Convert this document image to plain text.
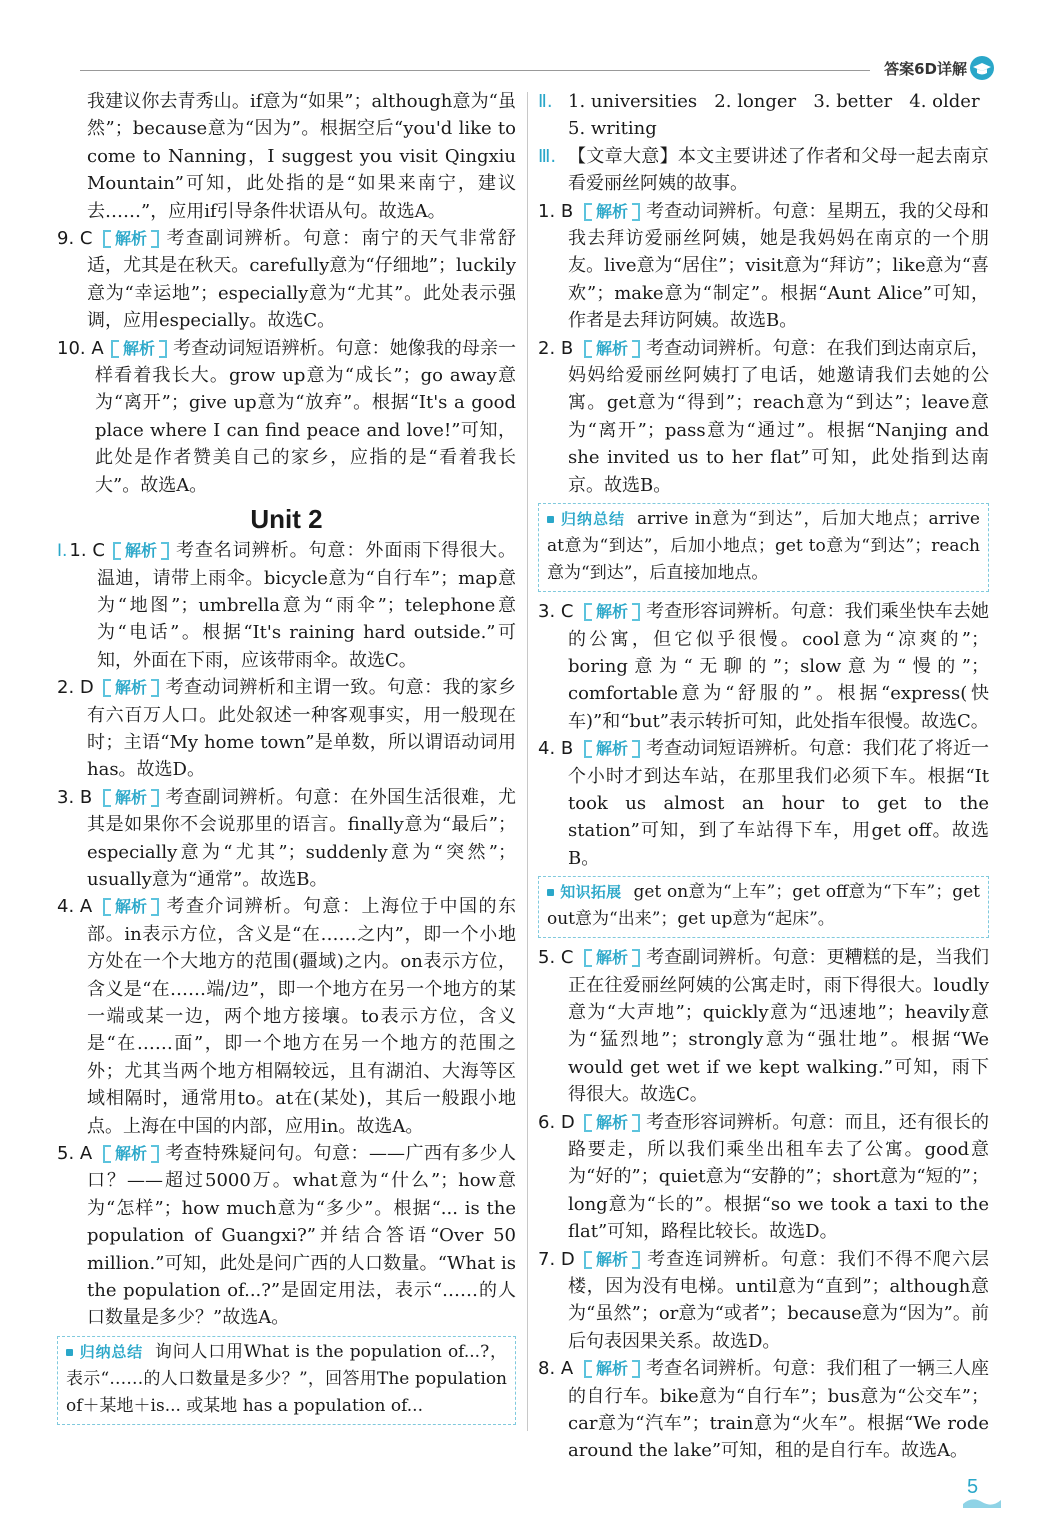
答案6D详解

我建议你去青秀山。if意为“如果”；although意为“虽然”；because意为“因为”。根据空后“you'd like to come to Nanning，I suggest you visit Qingxiu Mountain”可知，此处指的是“如果来南宁，建议去……”，应用if引导条件状语从句。故选A。

9. C	解析 考查副词辨析。句意：南宁的天气非常舒适，尤其是在秋天。carefully意为“仔细地”；luckily意为“幸运地”；especially意为“尤其”。此处表示强调，应用especially。故选C。

10. A	解析 考查动词短语辨析。句意：她像我的母亲一样看着我长大。grow up意为“成长”；go away意为“离开”；give up意为“放弃”。根据“It's a good place where I can find peace and love!”可知，此处是作者赞美自己的家乡，应指的是“看着我长大”。故选A。

Unit 2
Ⅰ. 1. C	解析 考查名词辨析。句意：外面雨下得很大。温迪，请带上雨伞。bicycle意为“自行车”；map意为“地图”；umbrella意为“雨伞”；telephone意为“电话”。根据“It's raining hard outside.”可知，外面在下雨，应该带雨伞。故选C。

2. D	解析 考查动词辨析和主谓一致。句意：我的家乡有六百万人口。此处叙述一种客观事实，用一般现在时；主语“My home town”是单数，所以谓语动词用has。故选D。

3. B	解析 考查副词辨析。句意：在外国生活很难，尤其是如果你不会说那里的语言。finally意为“最后”；especially意为“尤其”；suddenly意为“突然”；usually意为“通常”。故选B。

4. A	解析 考查介词辨析。句意：上海位于中国的东部。in表示方位，含义是“在……之内”，即一个小地方处在一个大地方的范围(疆域)之内。on表示方位，含义是“在……端/边”，即一个地方在另一个地方的某一端或某一边，两个地方接壤。to表示方位，含义是“在……面”，即一个地方在另一个地方的范围之外；尤其当两个地方相隔较远，且有湖泊、大海等区域相隔时，通常用to。at在(某处)，其后一般跟小地点。上海在中国的内部，应用in。故选A。

5. A	解析 考查特殊疑问句。句意：——广西有多少人口？——超过5000万。what意为“什么”；how意为“怎样”；how much意为“多少”。根据“... is the population of Guangxi?”并结合答语“Over 50 million.”可知，此处是问广西的人口数量。“What is the population of...?”是固定用法，表示“……的人口数量是多少？”故选A。

归纳总结 询问人口用What is the population of...?，表示“……的人口数量是多少？”，回答用The population of＋某地＋is... 或某地 has a population of...
Ⅱ. 1. universities   2. longer   3. better   4. older

5. writing

Ⅲ. 【文章大意】本文主要讲述了作者和父母一起去南京看爱丽丝阿姨的故事。

1. B	解析 考查动词辨析。句意：星期五，我的父母和我去拜访爱丽丝阿姨，她是我妈妈在南京的一个朋友。live意为“居住”；visit意为“拜访”；like意为“喜欢”；make意为“制定”。根据“Aunt Alice”可知，作者是去拜访阿姨。故选B。

2. B	解析 考查动词辨析。句意：在我们到达南京后，妈妈给爱丽丝阿姨打了电话，她邀请我们去她的公寓。get意为“得到”；reach意为“到达”；leave意为“离开”；pass意为“通过”。根据“Nanjing and she invited us to her flat”可知，此处指到达南京。故选B。

归纳总结 arrive in意为“到达”，后加大地点；arrive at意为“到达”，后加小地点；get to意为“到达”；reach意为“到达”，后直接加地点。
3. C	解析 考查形容词辨析。句意：我们乘坐快车去她的公寓，但它似乎很慢。cool意为“凉爽的”；boring意为“无聊的”；slow意为“慢的”；comfortable意为“舒服的”。根据“express(快车)”和“but”表示转折可知，此处指车很慢。故选C。

4. B	解析 考查动词短语辨析。句意：我们花了将近一个小时才到达车站，在那里我们必须下车。根据“It took us almost an hour to get to the station”可知，到了车站得下车，用get off。故选B。

知识拓展 get on意为“上车”；get off意为“下车”；get out意为“出来”；get up意为“起床”。
5. C	解析 考查副词辨析。句意：更糟糕的是，当我们正在往爱丽丝阿姨的公寓走时，雨下得很大。loudly意为“大声地”；quickly意为“迅速地”；heavily意为“猛烈地”；strongly意为“强壮地”。根据“We would get wet if we kept walking.”可知，雨下得很大。故选C。

6. D	解析 考查形容词辨析。句意：而且，还有很长的路要走，所以我们乘坐出租车去了公寓。good意为“好的”；quiet意为“安静的”；short意为“短的”；long意为“长的”。根据“so we took a taxi to the flat”可知，路程比较长。故选D。

7. D	解析 考查连词辨析。句意：我们不得不爬六层楼，因为没有电梯。until意为“直到”；although意为“虽然”；or意为“或者”；because意为“因为”。前后句表因果关系。故选D。

8. A	解析 考查名词辨析。句意：我们租了一辆三人座的自行车。bike意为“自行车”；bus意为“公交车”；car意为“汽车”；train意为“火车”。根据“We rode around the lake”可知，租的是自行车。故选A。

5
